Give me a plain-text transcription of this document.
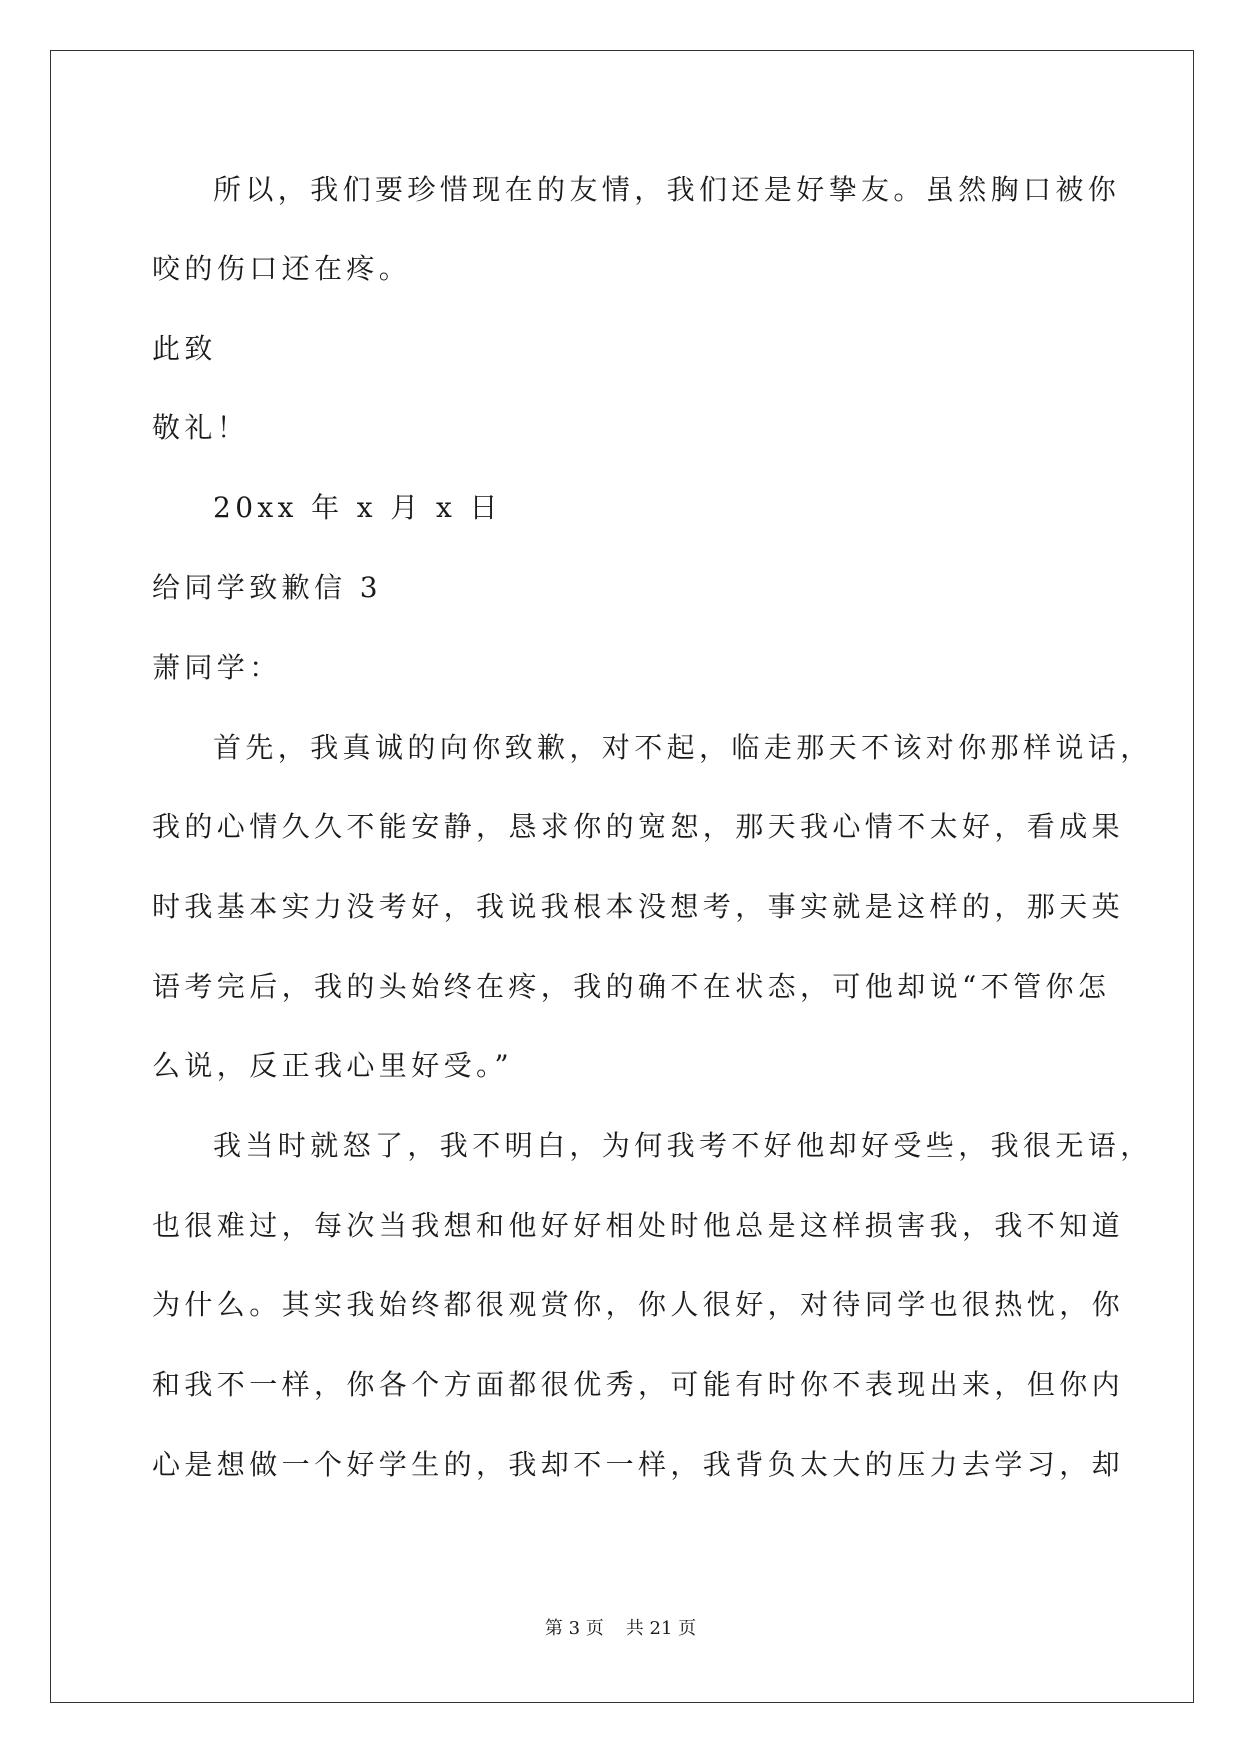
所以，我们要珍惜现在的友情，我们还是好挚友。虽然胸口被你
咬的伤口还在疼。
此致
敬礼！
20xx 年 x 月 x 日
给同学致歉信 3
萧同学：
首先，我真诚的向你致歉，对不起，临走那天不该对你那样说话，
我的心情久久不能安静，恳求你的宽恕，那天我心情不太好，看成果
时我基本实力没考好，我说我根本没想考，事实就是这样的，那天英
语考完后，我的头始终在疼，我的确不在状态，可他却说“不管你怎
么说，反正我心里好受。”
我当时就怒了，我不明白，为何我考不好他却好受些，我很无语，
也很难过，每次当我想和他好好相处时他总是这样损害我，我不知道
为什么。其实我始终都很观赏你，你人很好，对待同学也很热忱，你
和我不一样，你各个方面都很优秀，可能有时你不表现出来，但你内
心是想做一个好学生的，我却不一样，我背负太大的压力去学习，却
第 3 页 共 21 页
